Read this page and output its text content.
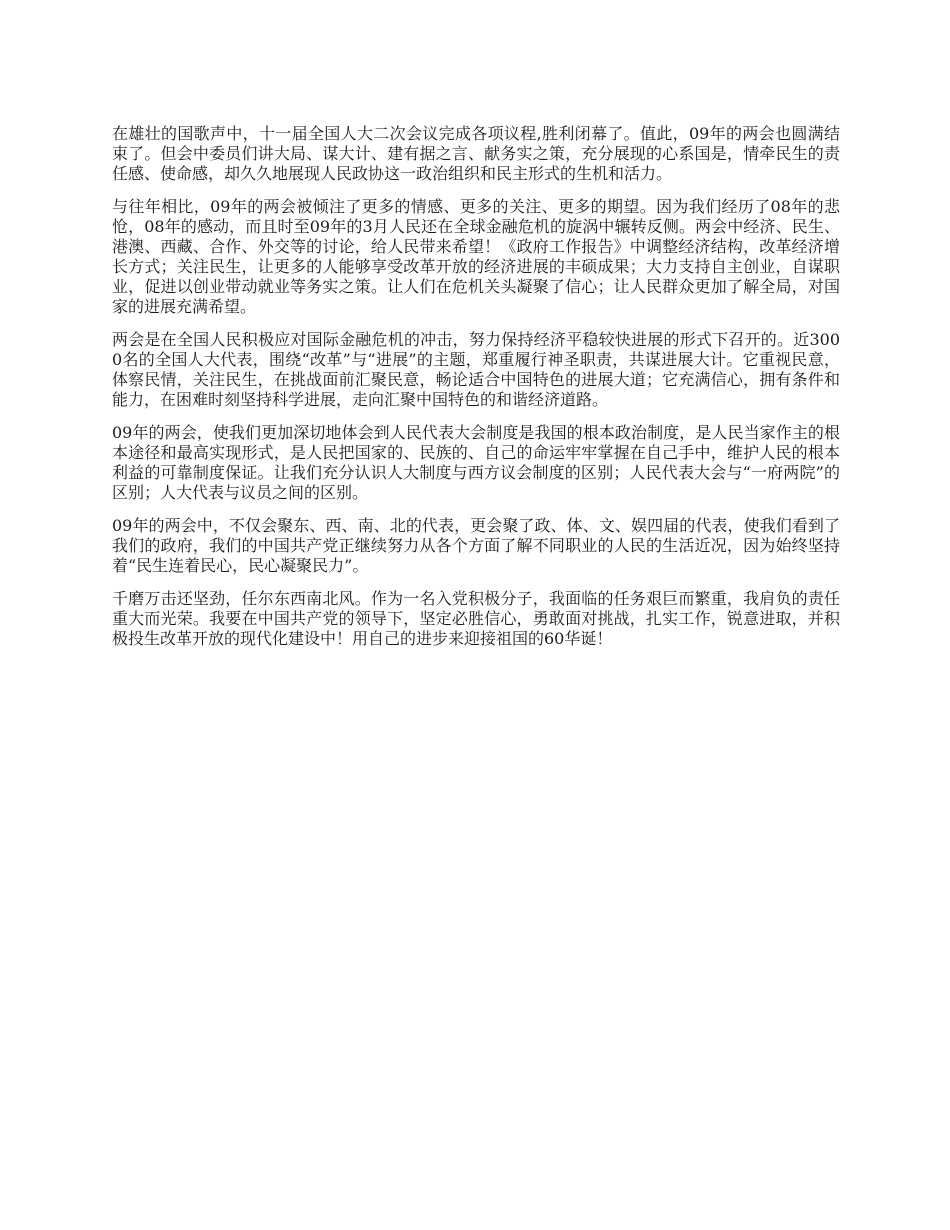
在雄壮的国歌声中，十一届全国人大二次会议完成各项议程,胜利闭幕了。值此，09年的两会也圆满结束了。但会中委员们讲大局、谋大计、建有据之言、献务实之策，充分展现的心系国是，情牵民生的责任感、使命感，却久久地展现人民政协这一政治组织和民主形式的生机和活力。

与往年相比，09年的两会被倾注了更多的情感、更多的关注、更多的期望。因为我们经历了08年的悲怆，08年的感动，而且时至09年的3月人民还在全球金融危机的旋涡中辗转反侧。两会中经济、民生、港澳、西藏、合作、外交等的讨论，给人民带来希望！《政府工作报告》中调整经济结构，改革经济增长方式；关注民生，让更多的人能够享受改革开放的经济进展的丰硕成果；大力支持自主创业，自谋职业，促进以创业带动就业等务实之策。让人们在危机关头凝聚了信心；让人民群众更加了解全局，对国家的进展充满希望。

两会是在全国人民积极应对国际金融危机的冲击，努力保持经济平稳较快进展的形式下召开的。近3000名的全国人大代表，围绕“改革”与“进展”的主题，郑重履行神圣职责，共谋进展大计。它重视民意，体察民情，关注民生，在挑战面前汇聚民意，畅论适合中国特色的进展大道；它充满信心，拥有条件和能力，在困难时刻坚持科学进展，走向汇聚中国特色的和谐经济道路。

09年的两会，使我们更加深切地体会到人民代表大会制度是我国的根本政治制度，是人民当家作主的根本途径和最高实现形式，是人民把国家的、民族的、自己的命运牢牢掌握在自己手中，维护人民的根本利益的可靠制度保证。让我们充分认识人大制度与西方议会制度的区别；人民代表大会与“一府两院”的区别；人大代表与议员之间的区别。

09年的两会中，不仅会聚东、西、南、北的代表，更会聚了政、体、文、娱四届的代表，使我们看到了我们的政府，我们的中国共产党正继续努力从各个方面了解不同职业的人民的生活近况，因为始终坚持着“民生连着民心，民心凝聚民力”。

千磨万击还坚劲，任尔东西南北风。作为一名入党积极分子，我面临的任务艰巨而繁重，我肩负的责任重大而光荣。我要在中国共产党的领导下，坚定必胜信心，勇敢面对挑战，扎实工作，锐意进取，并积极投生改革开放的现代化建设中！用自己的进步来迎接祖国的60华诞！
